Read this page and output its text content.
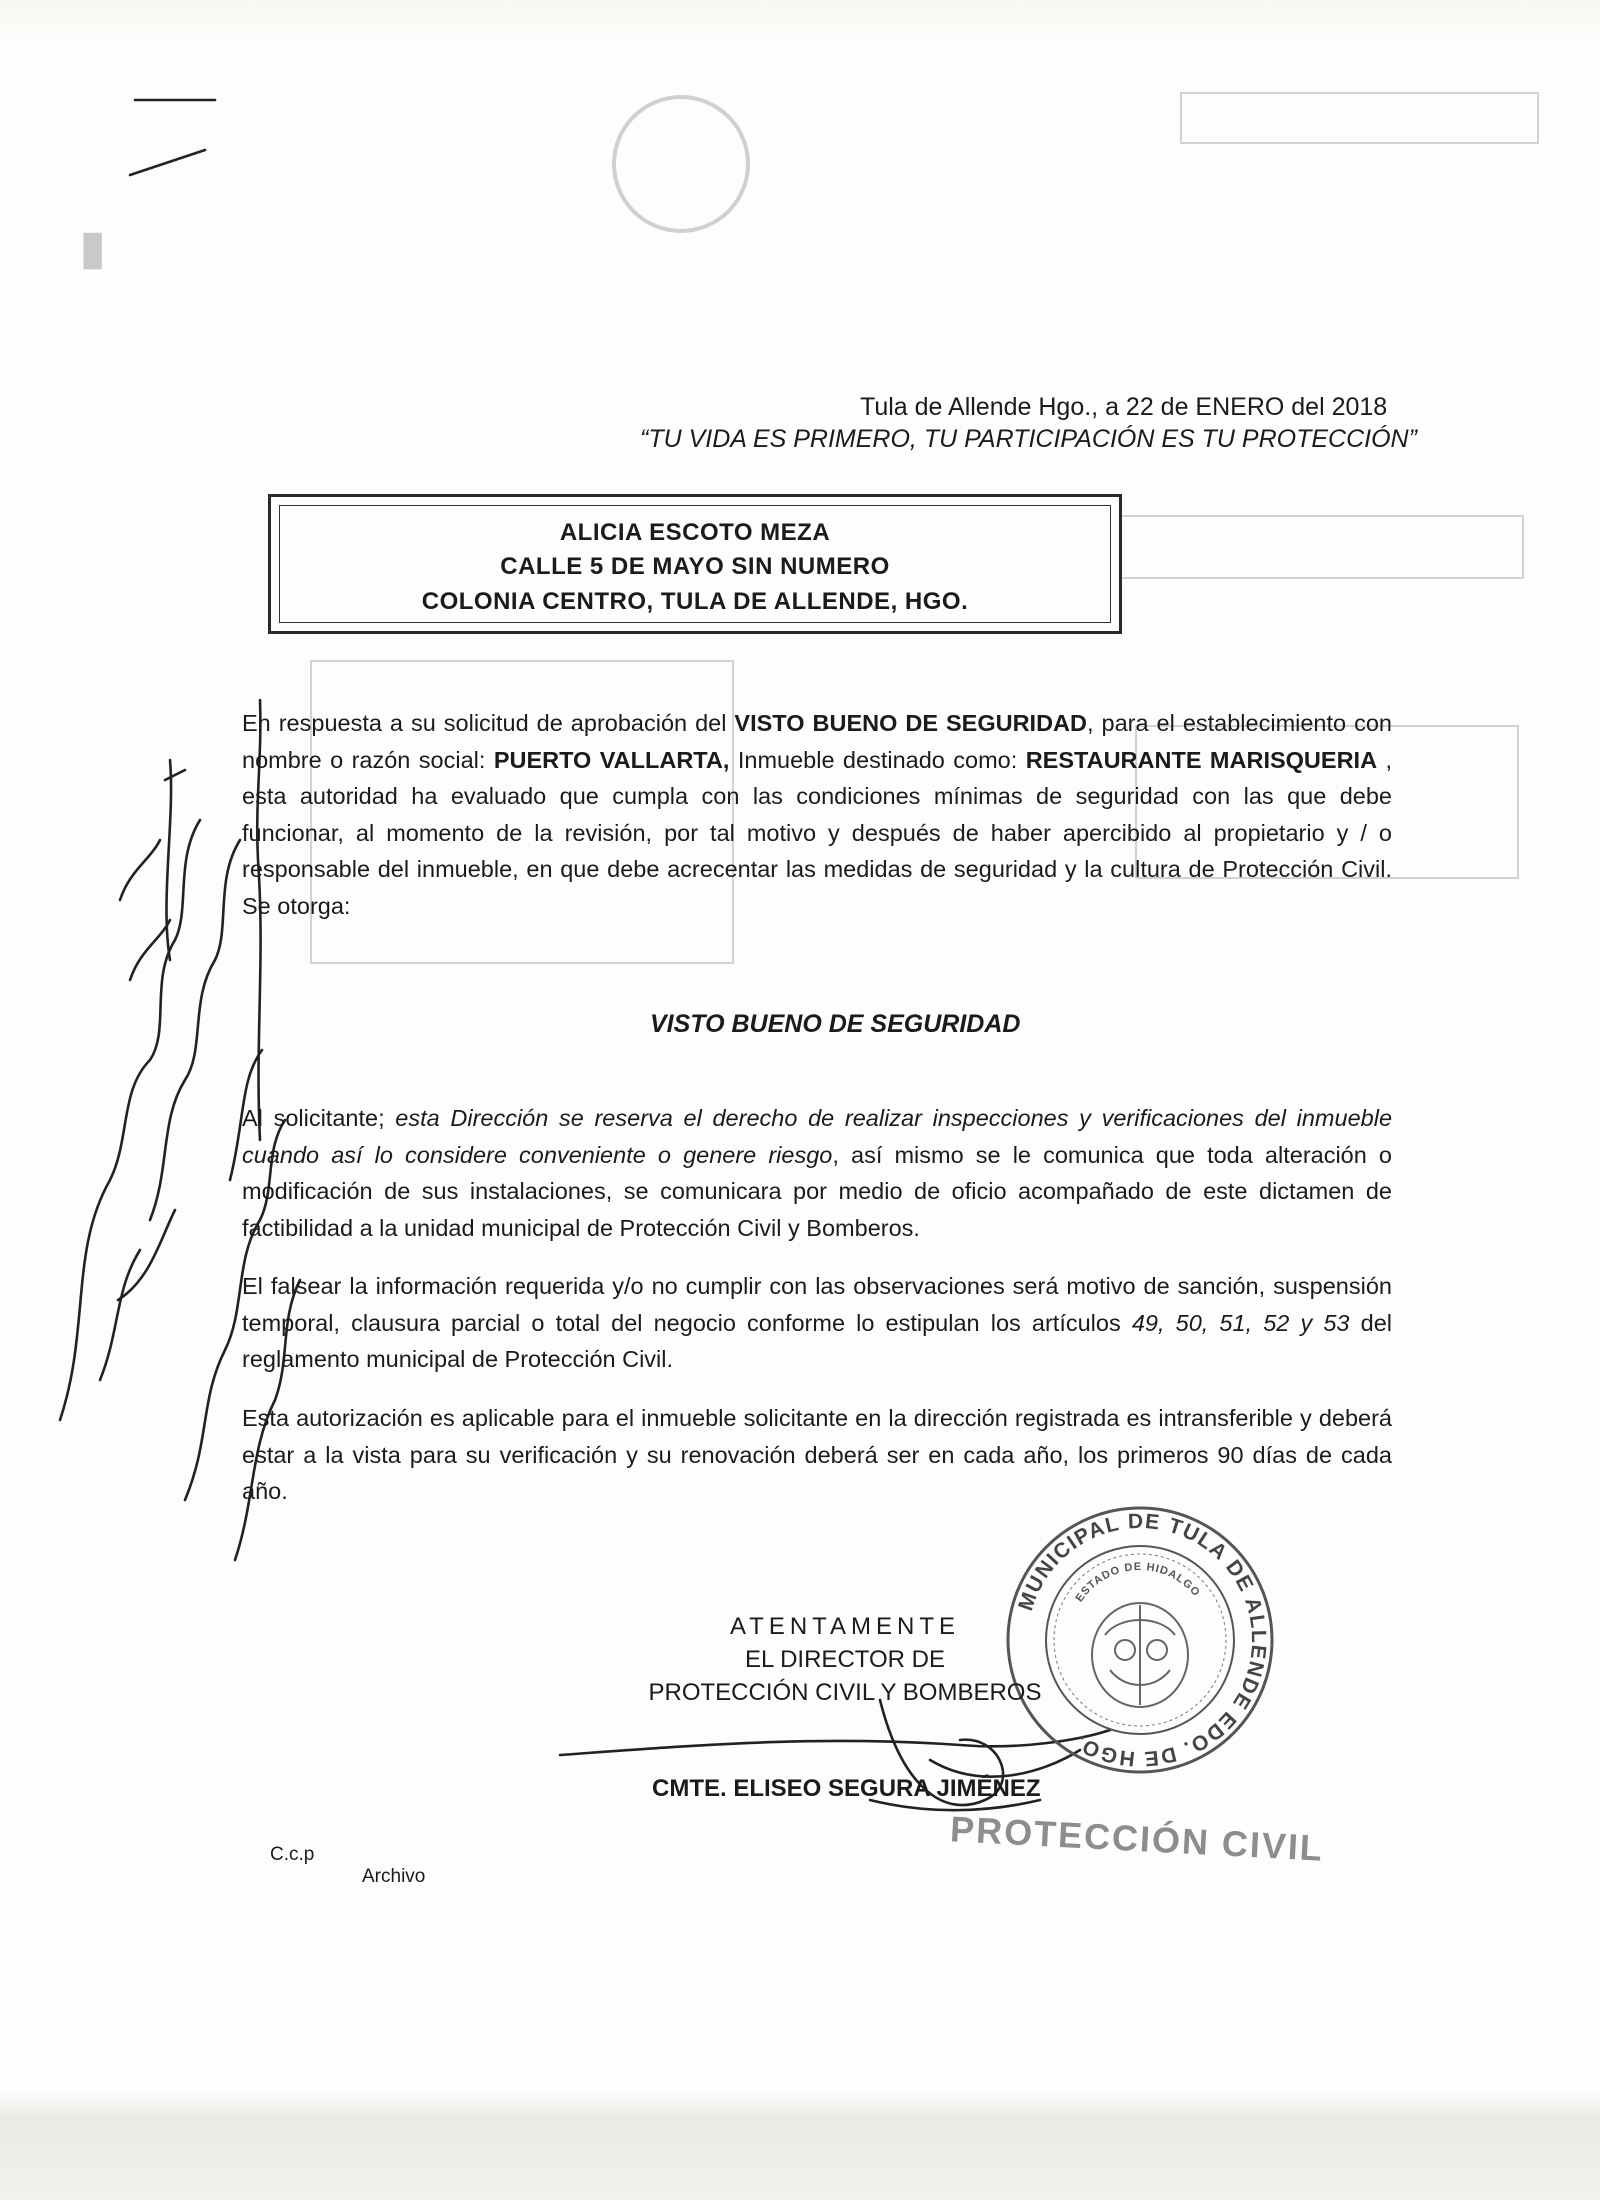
▮
Tula de Allende Hgo., a 22 de ENERO del 2018
“TU VIDA ES PRIMERO, TU PARTICIPACIÓN ES TU PROTECCIÓN”
ALICIA ESCOTO MEZA
CALLE 5 DE MAYO SIN NUMERO
COLONIA CENTRO, TULA DE ALLENDE, HGO.
En respuesta a su solicitud de aprobación del VISTO BUENO DE SEGURIDAD, para el establecimiento con nombre o razón social: PUERTO VALLARTA, Inmueble destinado como: RESTAURANTE MARISQUERIA , esta autoridad ha evaluado que cumpla con las condiciones mínimas de seguridad con las que debe funcionar, al momento de la revisión, por tal motivo y después de haber apercibido al propietario y / o responsable del inmueble, en que debe acrecentar las medidas de seguridad y la cultura de Protección Civil. Se otorga:
VISTO BUENO DE SEGURIDAD
Al solicitante; esta Dirección se reserva el derecho de realizar inspecciones y verificaciones del inmueble cuando así lo considere conveniente o genere riesgo, así mismo se le comunica que toda alteración o modificación de sus instalaciones, se comunicara por medio de oficio acompañado de este dictamen de factibilidad a la unidad municipal de Protección Civil y Bomberos.
El falsear la información requerida y/o no cumplir con las observaciones será motivo de sanción, suspensión temporal, clausura parcial o total del negocio conforme lo estipulan los artículos 49, 50, 51, 52 y 53 del reglamento municipal de Protección Civil.
Esta autorización es aplicable para el inmueble solicitante en la dirección registrada es intransferible y deberá estar a la vista para su verificación y su renovación deberá ser en cada año, los primeros 90 días de cada año.
MUNICIPAL DE TULA DE ALLENDE EDO. DE HGO.
ESTADO DE HIDALGO
ATENTAMENTE
EL DIRECTOR DE
PROTECCIÓN CIVIL Y BOMBEROS
CMTE. ELISEO SEGURA JIMÉNEZ
PROTECCIÓN CIVIL
C.c.p
Archivo
